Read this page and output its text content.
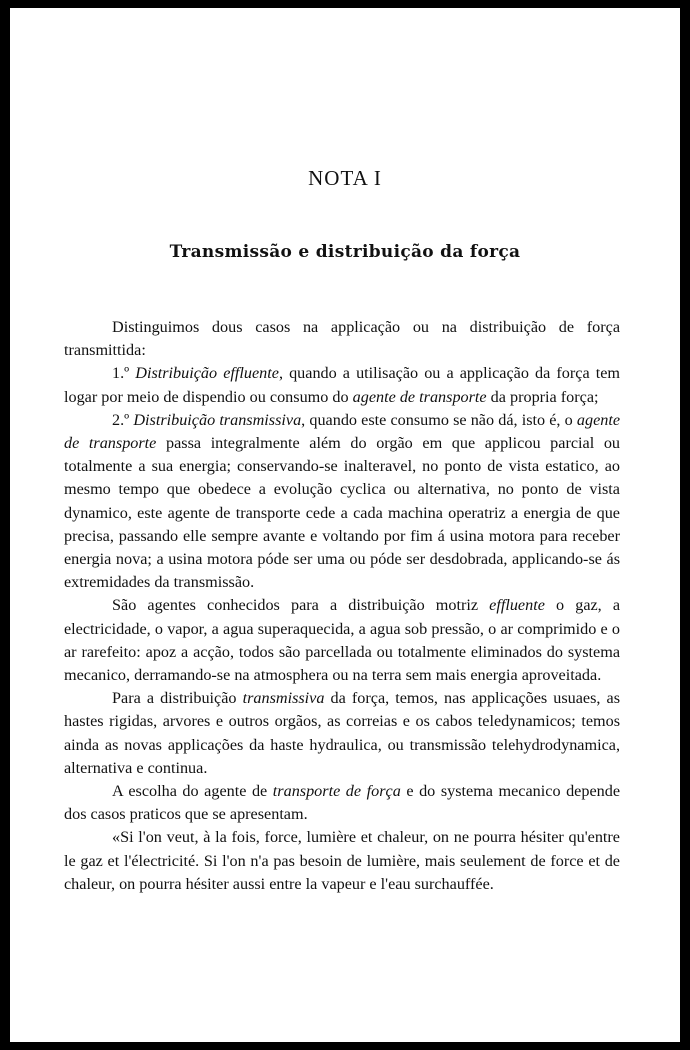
NOTA I
Transmissão e distribuição da força

Distinguimos dous casos na applicação ou na distribuição de força transmittida:

1.º Distribuição effluente, quando a utilisação ou a applicação da força tem logar por meio de dispendio ou consumo do agente de transporte da propria força;

2.º Distribuição transmissiva, quando este consumo se não dá, isto é, o agente de transporte passa integralmente além do orgão em que applicou parcial ou totalmente a sua energia; conservando-se inalteravel, no ponto de vista estatico, ao mesmo tempo que obedece a evolução cyclica ou alternativa, no ponto de vista dynamico, este agente de transporte cede a cada machina operatriz a energia de que precisa, passando elle sempre avante e voltando por fim á usina motora para receber energia nova; a usina motora póde ser uma ou póde ser desdobrada, applicando-se ás extremidades da transmissão.

São agentes conhecidos para a distribuição motriz effluente o gaz, a electricidade, o vapor, a agua superaquecida, a agua sob pressão, o ar comprimido e o ar rarefeito: apoz a acção, todos são parcellada ou totalmente eliminados do systema mecanico, derramando-se na atmosphera ou na terra sem mais energia aproveitada.

Para a distribuição transmissiva da força, temos, nas applicações usuaes, as hastes rigidas, arvores e outros orgãos, as correias e os cabos teledynamicos; temos ainda as novas applicações da haste hydraulica, ou transmissão telehydrodynamica, alternativa e continua.

A escolha do agente de transporte de força e do systema mecanico depende dos casos praticos que se apresentam.

«Si l'on veut, à la fois, force, lumière et chaleur, on ne pourra hésiter qu'entre le gaz et l'électricité. Si l'on n'a pas besoin de lumière, mais seulement de force et de chaleur, on pourra hésiter aussi entre la vapeur e l'eau surchauffée.
